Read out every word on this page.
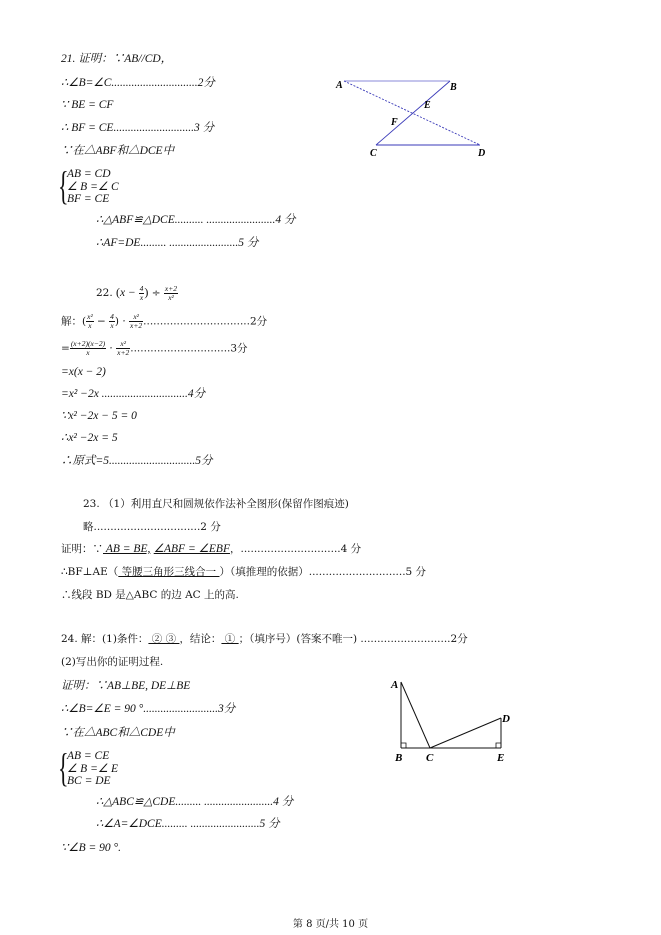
21. 证明：∵AB//CD，
∴∠B=∠C..............................2分
∵ BE = CF
∴ BF = CE............................3 分
∵在△ABF和△DCE中
{
AB = CD
∠ B =∠ C
BF = CE
∴△ABF≌△DCE.......... ........................4 分
∴AF=DE......... ........................5 分
A	B
C	D
E
F
22. ($x - \frac{4}{x}$ ) ÷ $\frac{x+2}{\text{x²}}$
解：( $\frac{\text{x²}}{x} - \frac{4}{x}$ ) · $\frac{\text{x²}}{x+2} ................................2$分
= $\frac{(x+2)(x-2)}{x} \cdot \frac{\text{x²}}{x+2} ..............................3$分
=x(x − 2)
=x² −2x ..............................4分
∵x² −2x − 5 = 0
∴x² −2x = 5
∴原式=5..............................5分
23. （1）利用直尺和圆规依作法补全图形(保留作图痕迹)
略................................2 分
证明：∵ AB = BE, ∠ABF = ∠EBF，..............................4 分
∴BF⊥AE（ 等腰三角形三线合一 ）（填推理的依据）.............................5 分
∴线段 BD 是△ABC 的边 AC 上的高.
24. 解：(1)条件： ② ③ ，结论： ① ；（填序号）(答案不唯一) ...........................2分
(2)写出你的证明过程.
证明：∵AB⊥BE, DE⊥BE
∴∠B=∠E = 90 °..........................3分
∵在△ABC和△CDE中
{
AB = CE
∠ B =∠ E
BC = DE
∴△ABC≌△CDE......... ........................4 分
∴∠A=∠DCE......... ........................5 分
∵∠B = 90 °.
A
B C
D
E
第 8 页/共 10 页
